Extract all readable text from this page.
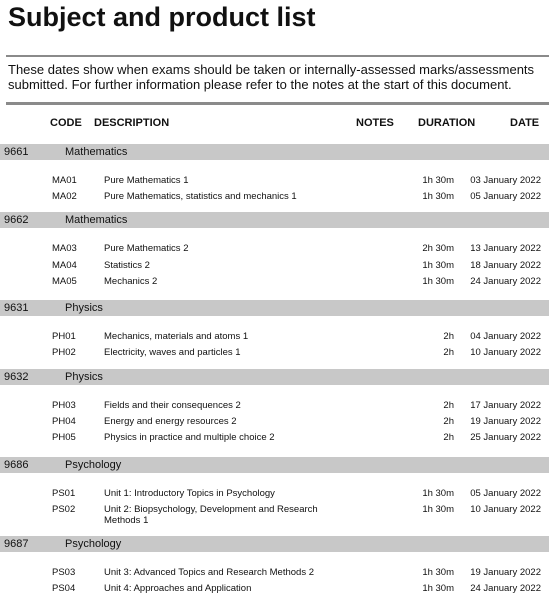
Subject and product list
These dates show when exams should be taken or internally-assessed marks/assessments submitted. For further information please refer to the notes at the start of this document.
CODE DESCRIPTION	NOTES DURATION	DATE
9661	Mathematics
MA01	Pure Mathematics 1	1h 30m 03 January 2022
MA02	Pure Mathematics, statistics and mechanics 1	1h 30m 05 January 2022
9662	Mathematics
MA03	Pure Mathematics 2	2h 30m 13 January 2022
MA04	Statistics 2	1h 30m 18 January 2022
MA05	Mechanics 2	1h 30m 24 January 2022
9631	Physics
PH01	Mechanics, materials and atoms 1	2h 04 January 2022
PH02	Electricity, waves and particles 1	2h 10 January 2022
9632	Physics
PH03	Fields and their consequences 2	2h 17 January 2022
PH04	Energy and energy resources 2	2h 19 January 2022
PH05	Physics in practice and multiple choice 2	2h 25 January 2022
9686	Psychology
PS01	Unit 1: Introductory Topics in Psychology	1h 30m 05 January 2022
PS02	Unit 2: Biopsychology, Development and Research Methods 1
1h 30m 10 January 2022
9687	Psychology
PS03	Unit 3: Advanced Topics and Research Methods 2	1h 30m 19 January 2022
PS04	Unit 4: Approaches and Application	1h 30m 24 January 2022
